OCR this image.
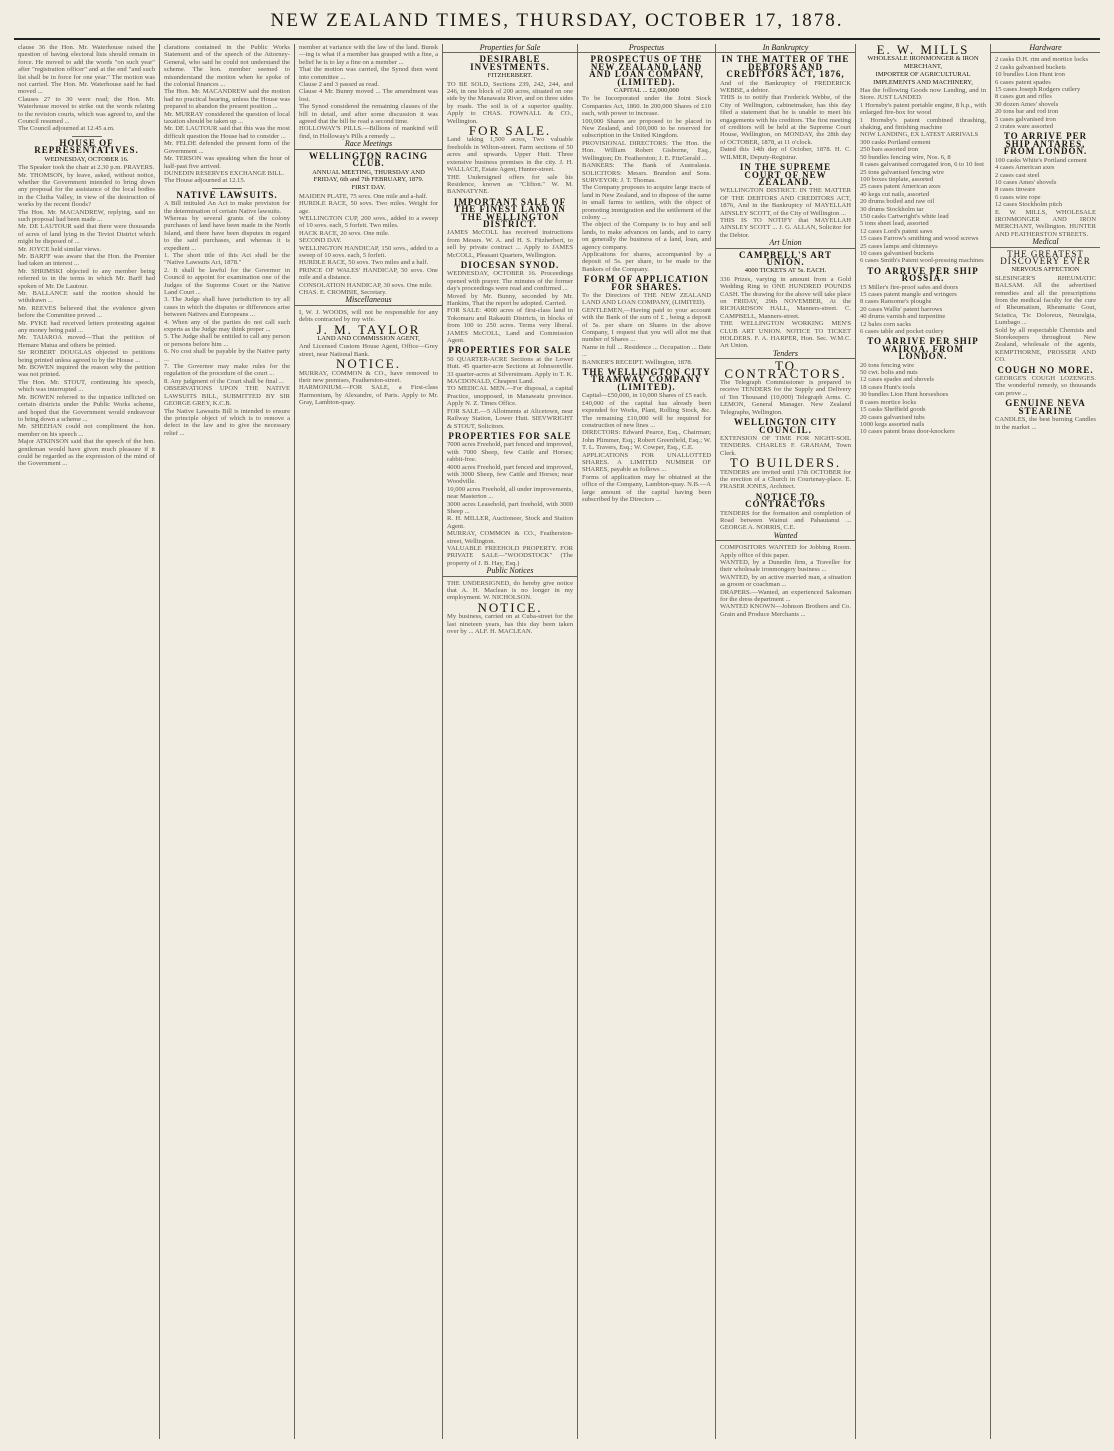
NEW ZEALAND TIMES, THURSDAY, OCTOBER 17, 1878.
clause 36 the Hon. Mr. Waterhouse raised the question of having electoral lists should remain in force. He moved to add the words "on such year" after "registration officer" and at the end "and such list shall be in force for one year." The motion was not carried. The Hon. Mr. Waterhouse said he had moved ...
Clauses 27 to 30 were read; the Hon. Mr. Waterhouse moved to strike out the words relating to the revision courts, which was agreed to, and the Council resumed ...
The Council adjourned at 12.45 a.m.
HOUSE OF REPRESENTATIVES.
WEDNESDAY, OCTOBER 16.
The Speaker took the chair at 2.30 p.m. PRAYERS.
Mr. THOMSON, by leave, asked, without notice, whether the Government intended to bring down any proposal for the assistance of the local bodies in the Clutha Valley, in view of the destruction of works by the recent floods?
The Hon. Mr. MACANDREW, replying, said no such proposal had been made ...
Mr. DE LAUTOUR said that there were thousands of acres of land lying in the Teviot District which might be disposed of ...
Mr. JOYCE held similar views.
Mr. BARFF was aware that the Hon. the Premier had taken an interest ...
Mr. SHRIMSKI objected to any member being referred to in the terms in which Mr. Barff had spoken of Mr. De Lautour.
Mr. BALLANCE said the motion should be withdrawn ...
Mr. REEVES believed that the evidence given before the Committee proved ...
Mr. PYKE had received letters protesting against any money being paid ...
Mr. TAIAROA moved—That the petition of Hemare Matua and others be printed.
Sir ROBERT DOUGLAS objected to petitions being printed unless agreed to by the House ...
Mr. BOWEN inquired the reason why the petition was not printed.
The Hon. Mr. STOUT, continuing his speech, which was interrupted ...
Mr. BOWEN referred to the injustice inflicted on certain districts under the Public Works scheme, and hoped that the Government would endeavour to bring down a scheme ...
Mr. SHEEHAN could not compliment the hon. member on his speech ...
Major ATKINSON said that the speech of the hon. gentleman would have given much pleasure if it could be regarded as the expression of the mind of the Government ...
clarations contained in the Public Works Statement and of the speech of the Attorney-General, who said he could not understand the scheme. The hon. member seemed to misunderstand the motion when he spoke of the colonial finances ...
The Hon. Mr. MACANDREW said the motion had no practical bearing, unless the House was prepared to abandon the present position ...
Mr. MURRAY considered the question of local taxation should be taken up ...
Mr. DE LAUTOUR said that this was the most difficult question the House had to consider ...
Mr. FELDE defended the present form of the Government ...
Mr. TERSON was speaking when the hour of half-past five arrived.
DUNEDIN RESERVES EXCHANGE BILL.
The House adjourned at 12.15.
NATIVE LAWSUITS.
A Bill intituled An Act to make provision for the determination of certain Native lawsuits.
Whereas by several grants of the colony purchases of land have been made in the North Island, and there have been disputes in regard to the said purchases, and whereas it is expedient ...
1. The short title of this Act shall be the "Native Lawsuits Act, 1878."
2. It shall be lawful for the Governor in Council to appoint for examination one of the Judges of the Supreme Court or the Native Land Court ...
3. The Judge shall have jurisdiction to try all cases in which the disputes or differences arise between Natives and Europeans ...
4. When any of the parties do not call such experts as the Judge may think proper ...
5. The Judge shall be entitled to call any person or persons before him ...
6. No cost shall be payable by the Native party ...
7. The Governor may make rules for the regulation of the procedure of the court ...
8. Any judgment of the Court shall be final ...
OBSERVATIONS UPON THE NATIVE LAWSUITS BILL, SUBMITTED BY SIR GEORGE GREY, K.C.B.
The Native Lawsuits Bill is intended to ensure the principle object of which is to remove a defect in the law and to give the necessary relief ...
member at variance with the law of the land. Bunsk—ing is what if a member has grasped with a fine, a belief he is to lay a fine on a member ...
That the motion was carried, the Synod then went into committee ...
Clause 2 and 3 passed as read.
Clause 4 Mr. Bunny moved ... The amendment was lost.
The Synod considered the remaining clauses of the bill in detail, and after some discussion it was agreed that the bill be read a second time.
HOLLOWAY'S PILLS.—Billions of mankind will find, in Holloway's Pills a remedy ...
Race Meetings
WELLINGTON RACING CLUB.
ANNUAL MEETING, THURSDAY AND FRIDAY, 6th and 7th FEBRUARY, 1879.
FIRST DAY.
MAIDEN PLATE, 75 sovs. One mile and a-half.
HURDLE RACE, 50 sovs. Two miles. Weight for age.
WELLINGTON CUP, 200 sovs., added to a sweep of 10 sovs. each, 5 forfeit. Two miles.
HACK RACE, 20 sovs. One mile.
SECOND DAY.
WELLINGTON HANDICAP, 150 sovs., added to a sweep of 10 sovs. each, 5 forfeit.
HURDLE RACE, 50 sovs. Two miles and a half.
PRINCE OF WALES' HANDICAP, 50 sovs. One mile and a distance.
CONSOLATION HANDICAP, 30 sovs. One mile.
CHAS. E. CROMBIE, Secretary.
Miscellaneous
I, W. J. WOODS, will not be responsible for any debts contracted by my wife.
J. M. TAYLOR
LAND AND COMMISSION AGENT,
And Licensed Custom House Agent, Office—Grey street, near National Bank.
NOTICE.
MURRAY, COMMON & CO., have removed to their new premises, Featherston-street.
HARMONIUM.—FOR SALE, a First-class Harmonium, by Alexandre, of Paris. Apply to Mr. Gray, Lambton-quay.
Properties for Sale
DESIRABLE INVESTMENTS.
FITZHERBERT.
TO BE SOLD, Sections 239, 242, 244, and 246, in one block of 200 acres, situated on one side by the Manawatu River, and on three sides by roads. The soil is of a superior quality. Apply to CHAS. FOWNALL & CO., Wellington.
FOR SALE.
Land taking 1,500 acres, Two valuable freeholds in Wilton-street. Farm sections of 50 acres and upwards. Upper Hutt. Three extensive business premises in the city. J. H. WALLACE, Estate Agent, Hunter-street.
THE Undersigned offers for sale his Residence, known as "Clifton." W. M. BANNATYNE.
IMPORTANT SALE OF THE FINEST LAND IN THE WELLINGTON DISTRICT.
JAMES McCOLL has received instructions from Messrs. W. A. and H. S. Fitzherbert, to sell by private contract ... Apply to JAMES McCOLL, Pleasant Quarters, Wellington.
DIOCESAN SYNOD.
WEDNESDAY, OCTOBER 16. Proceedings opened with prayer. The minutes of the former day's proceedings were read and confirmed ...
Moved by Mr. Bunny, seconded by Mr. Hankins, That the report be adopted. Carried.
FOR SALE: 4000 acres of first-class land in Tokomaru and Rakauiti Districts, in blocks of from 100 to 250 acres. Terms very liberal. JAMES McCOLL, Land and Commission Agent.
PROPERTIES FOR SALE
50 QUARTER-ACRE Sections at the Lower Hutt. 45 quarter-acre Sections at Johnsonville. 33 quarter-acres at Silverstream. Apply to T. K. MACDONALD, Cheapest Land.
TO MEDICAL MEN.—For disposal, a capital Practice, unopposed, in Manawatu province. Apply N. Z. Times Office.
FOR SALE.—5 Allotments at Alicetown, near Railway Station, Lower Hutt. SIEVWRIGHT & STOUT, Solicitors.
PROPERTIES FOR SALE
7000 acres Freehold, part fenced and improved, with 7000 Sheep, few Cattle and Horses; rabbit-free.
4000 acres Freehold, part fenced and improved, with 3000 Sheep, few Cattle and Horses; near Woodville.
10,000 acres Freehold, all under improvements, near Masterton ...
3000 acres Leasehold, part freehold, with 3000 Sheep ...
R. H. MILLER, Auctioneer, Stock and Station Agent.
MURRAY, COMMON & CO., Featherston-street, Wellington.
VALUABLE FREEHOLD PROPERTY. FOR PRIVATE SALE—"WOODSTOCK" (The property of J. B. Hay, Esq.)
Public Notices
THE UNDERSIGNED, do hereby give notice that A. H. Maclean is no longer in my employment. W. NICHOLSON.
NOTICE.
My business, carried on at Cuba-street for the last nineteen years, has this day been taken over by ... ALF. H. MACLEAN.
Prospectus
PROSPECTUS OF THE NEW ZEALAND LAND AND LOAN COMPANY, (LIMITED).
CAPITAL ... £2,000,000
To be Incorporated under the Joint Stock Companies Act, 1860. In 200,000 Shares of £10 each, with power to increase.
100,000 Shares are proposed to be placed in New Zealand, and 100,000 to be reserved for subscription in the United Kingdom.
PROVISIONAL DIRECTORS: The Hon. the Hon. William Robert Gisborne, Esq., Wellington; Dr. Featherston; J. E. FitzGerald ...
BANKERS: The Bank of Australasia. SOLICITORS: Messrs. Brandon and Sons. SURVEYOR: J. T. Thomas.
The Company proposes to acquire large tracts of land in New Zealand, and to dispose of the same in small farms to settlers, with the object of promoting immigration and the settlement of the colony ...
The object of the Company is to buy and sell lands, to make advances on lands, and to carry on generally the business of a land, loan, and agency company.
Applications for shares, accompanied by a deposit of 5s. per share, to be made to the Bankers of the Company.
FORM OF APPLICATION FOR SHARES.
To the Directors of THE NEW ZEALAND LAND AND LOAN COMPANY, (LIMITED).
GENTLEMEN,—Having paid to your account with the Bank of the sum of £ , being a deposit of 5s. per share on Shares in the above Company, I request that you will allot me that number of Shares ...
Name in full ... Residence ... Occupation ... Date ...
BANKER'S RECEIPT. Wellington, 1878.
THE WELLINGTON CITY TRAMWAY COMPANY (LIMITED).
Capital—£50,000, in 10,000 Shares of £5 each.
£40,000 of the capital has already been expended for Works, Plant, Rolling Stock, &c. The remaining £10,000 will be required for construction of new lines ...
DIRECTORS: Edward Pearce, Esq., Chairman; John Plimmer, Esq.; Robert Greenfield, Esq.; W. T. L. Travers, Esq.; W. Cowper, Esq., C.E.
APPLICATIONS FOR UNALLOTTED SHARES. A LIMITED NUMBER OF SHARES, payable as follows ...
Forms of application may be obtained at the office of the Company, Lambton-quay. N.B.—A large amount of the capital having been subscribed by the Directors ...
In Bankruptcy
IN THE MATTER OF THE DEBTORS AND CREDITORS ACT, 1876,
And of the Bankruptcy of FREDERICK WEBBE, a debtor.
THIS is to notify that Frederick Webbe, of the City of Wellington, cabinetmaker, has this day filed a statement that he is unable to meet his engagements with his creditors. The first meeting of creditors will be held at the Supreme Court House, Wellington, on MONDAY, the 28th day of OCTOBER, 1878, at 11 o'clock.
Dated this 14th day of October, 1878. H. C. WILMER, Deputy-Registrar.
IN THE SUPREME COURT OF NEW ZEALAND.
WELLINGTON DISTRICT. IN THE MATTER OF THE DEBTORS AND CREDITORS ACT, 1876, And in the Bankruptcy of MAYELLAH AINSLEY SCOTT, of the City of Wellington ...
THIS IS TO NOTIFY that MAYELLAH AINSLEY SCOTT ... J. G. ALLAN, Solicitor for the Debtor.
Art Union
CAMPBELL'S ART UNION.
4000 TICKETS AT 5s. EACH.
336 Prizes, varying in amount from a Gold Wedding Ring to ONE HUNDRED POUNDS CASH. The drawing for the above will take place on FRIDAY, 29th NOVEMBER, At the RICHARDSON HALL, Manners-street. C. CAMPBELL, Manners-street.
THE WELLINGTON WORKING MEN'S CLUB ART UNION. NOTICE TO TICKET HOLDERS. F. A. HARPER, Hon. Sec. W.M.C. Art Union.
Tenders
TO CONTRACTORS.
The Telegraph Commissioner is prepared to receive TENDERS for the Supply and Delivery of Ten Thousand (10,000) Telegraph Arms. C. LEMON, General Manager. New Zealand Telegraphs, Wellington.
WELLINGTON CITY COUNCIL.
EXTENSION OF TIME FOR NIGHT-SOIL TENDERS. CHARLES F. GRAHAM, Town Clerk.
TO BUILDERS.
TENDERS are invited until 17th OCTOBER for the erection of a Church in Courtenay-place. E. FRASER JONES, Architect.
NOTICE TO CONTRACTORS
TENDERS for the formation and completion of Road between Wainui and Pahautanui ... GEORGE A. NORRIS, C.E.
Wanted
COMPOSITORS WANTED for Jobbing Room. Apply office of this paper.
WANTED, by a Dunedin firm, a Traveller for their wholesale ironmongery business ...
WANTED, by an active married man, a situation as groom or coachman ...
DRAPERS.—Wanted, an experienced Salesman for the dress department ...
WANTED KNOWN—Johnson Brothers and Co. Grain and Produce Merchants ...
E. W. MILLS
WHOLESALE IRONMONGER & IRON MERCHANT,
IMPORTER OF AGRICULTURAL IMPLEMENTS AND MACHINERY,
Has the following Goods now Landing, and in Store. JUST LANDED.
1 Hornsby's patent portable engine, 8 h.p., with enlarged fire-box for wood
1 Hornsby's patent combined thrashing, shaking, and finishing machine
NOW LANDING, EX LATEST ARRIVALS
300 casks Portland cement
250 bars assorted iron
50 bundles fencing wire, Nos. 6, 8
8 cases galvanised corrugated iron, 6 to 10 feet
25 tons galvanised fencing wire
100 boxes tinplate, assorted
25 cases patent American axes
40 kegs cut nails, assorted
20 drums boiled and raw oil
30 drums Stockholm tar
150 casks Cartwright's white lead
5 tons sheet lead, assorted
12 cases Lord's patent saws
15 cases Farrow's smithing and wood screws
25 cases lamps and chimneys
10 cases galvanised buckets
6 cases Smith's Patent wool-pressing machines
TO ARRIVE PER SHIP ROSSIA.
15 Miller's fire-proof safes and doors
15 cases patent mangle and wringers
8 cases Ransome's ploughs
20 cases Wallis' patent harrows
40 drums varnish and turpentine
12 bales corn sacks
6 cases table and pocket cutlery
TO ARRIVE PER SHIP WAIROA, FROM LONDON.
20 tons fencing wire
50 cwt. bolts and nuts
12 cases spades and shovels
18 cases Hunt's tools
30 bundles Lion Hunt horseshoes
8 cases mortice locks
15 casks Sheffield goods
20 cases galvanised tubs
1000 kegs assorted nails
10 cases patent brass door-knockers
Hardware
2 casks D.H. rim and mortice locks
2 casks galvanised buckets
10 bundles Lion Hunt iron
6 cases patent spades
15 cases Joseph Rodgers cutlery
8 cases gun and rifles
30 dozen Ames' shovels
20 tons bar and rod iron
5 cases galvanised iron
2 crates ware assorted
TO ARRIVE PER SHIP ANTARES, FROM LONDON.
100 casks White's Portland cement
4 cases American axes
2 cases cast steel
10 cases Ames' shovels
8 cases tinware
6 cases wire rope
12 cases Stockholm pitch
E. W. MILLS, WHOLESALE IRONMONGER AND IRON MERCHANT, Wellington. HUNTER AND FEATHERSTON STREETS.
Medical
THE GREATEST DISCOVERY EVER
NERVOUS AFFECTION
SLESINGER'S RHEUMATIC BALSAM. All the advertised remedies and all the prescriptions from the medical faculty for the cure of Rheumatism, Rheumatic Gout, Sciatica, Tic Doloreux, Neuralgia, Lumbago ...
Sold by all respectable Chemists and Storekeepers throughout New Zealand, wholesale of the agents, KEMPTHORNE, PROSSER AND CO.
COUGH NO MORE.
GEORGE'S COUGH LOZENGES. The wonderful remedy, so thousands can prove ...
GENUINE NEVA STEARINE
CANDLES, the best burning Candles in the market ...
